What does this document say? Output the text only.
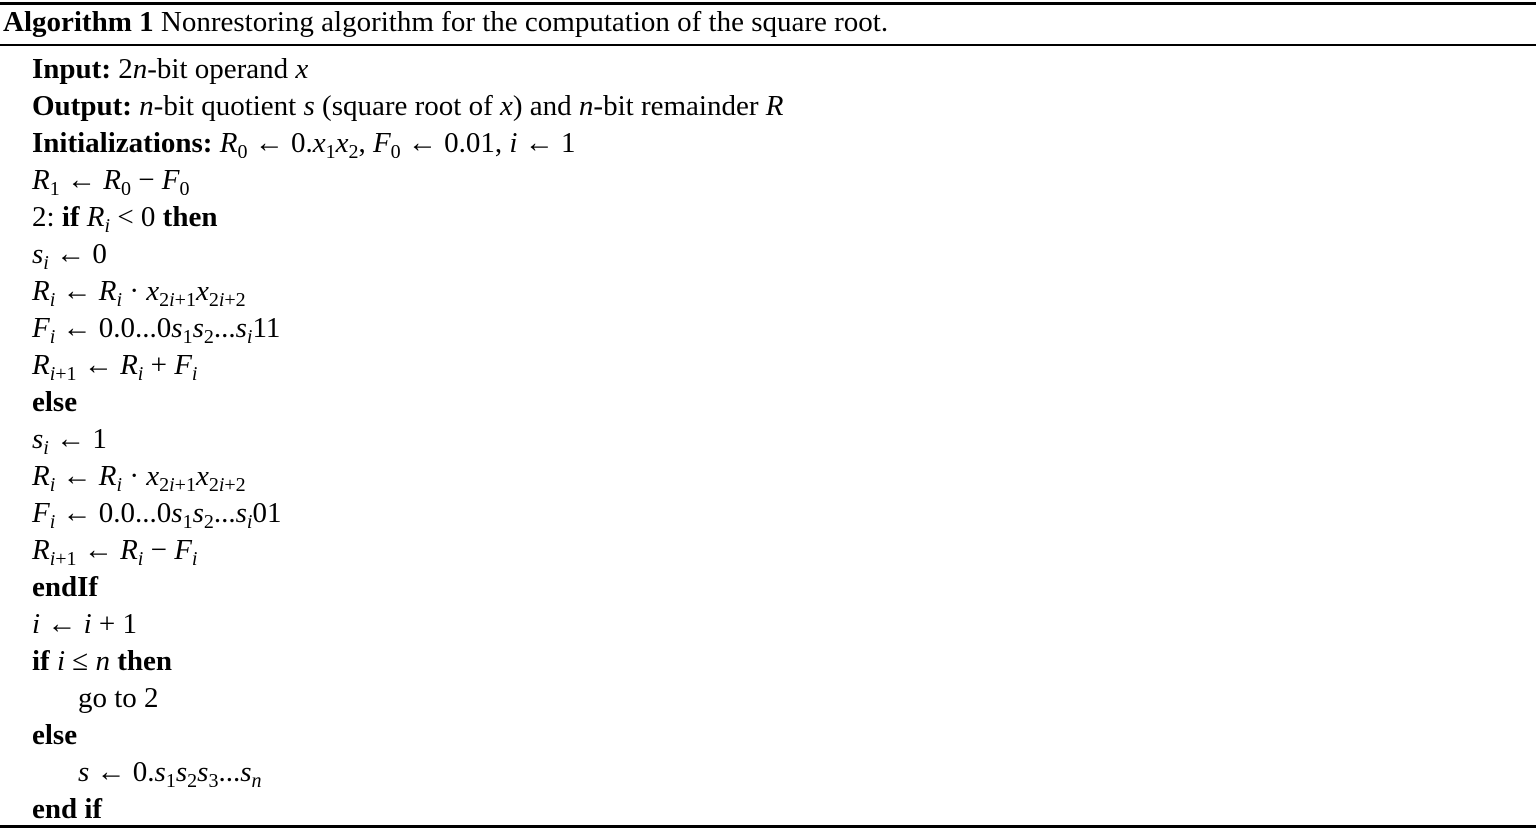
Algorithm 1 Nonrestoring algorithm for the computation of the square root.
Input: 2n-bit operand x
Output: n-bit quotient s (square root of x) and n-bit remainder R
Initializations: $R_0$ ← $0.x_1x_2$, $F_0$ ← 0.01, i ← 1
$R_1$ ← $R_0 - F_0$
2: if $R_i < 0$ then
$s_i$ ← 0
$R_i$ ← $R_i \cdot x_{2i+1}x_{2i+2}$
$F_i$ ← $0.0...0s_1s_2...s_i11$
$R_{i+1}$ ← $R_i + F_i$
else
$s_i$ ← 1
$R_i$ ← $R_i \cdot x_{2i+1}x_{2i+2}$
$F_i$ ← $0.0...0s_1s_2...s_i01$
$R_{i+1}$ ← $R_i - F_i$
endIf
i ← i + 1
if i ≤ n then
go to 2
else
s ← $0.s_1s_2s_3...s_n$
end if
